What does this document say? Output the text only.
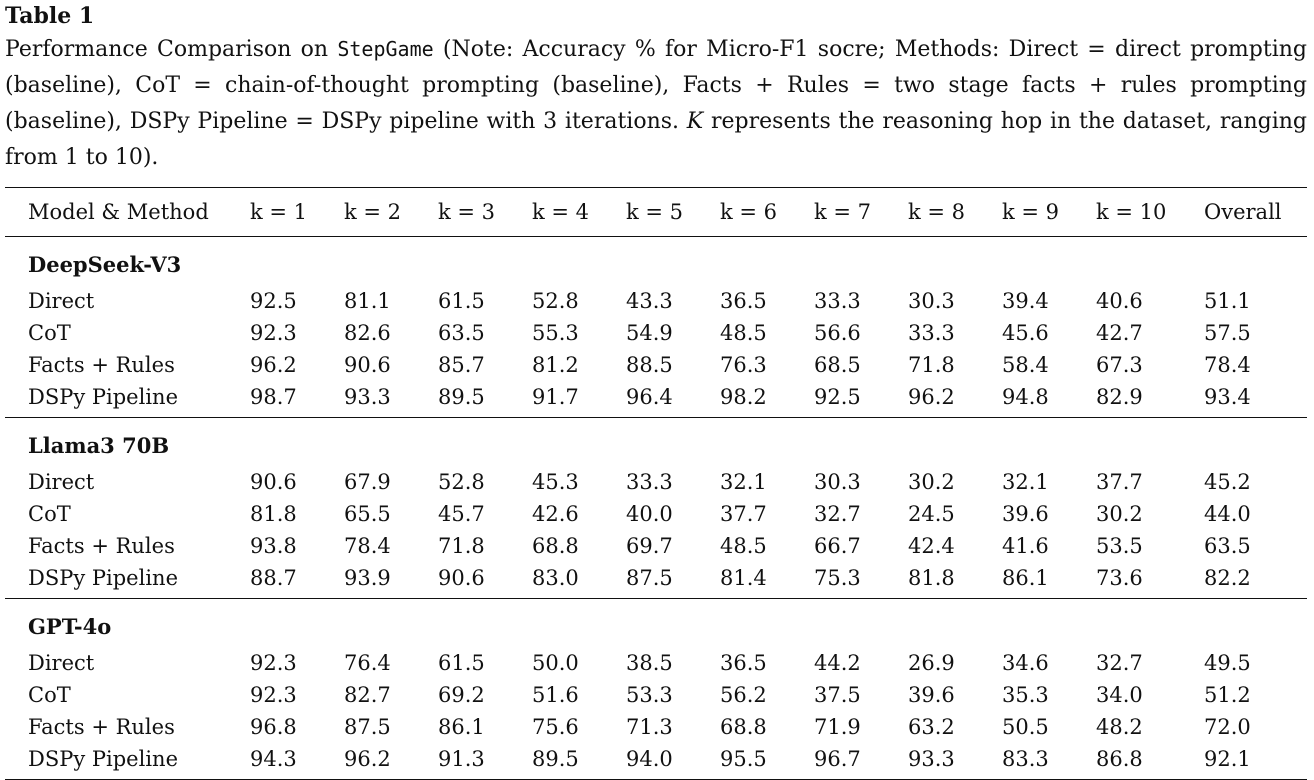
Table 1
Performance Comparison on StepGame (Note: Accuracy % for Micro-F1 socre; Methods: Direct = direct prompting (baseline), CoT = chain-of-thought prompting (baseline), Facts + Rules = two stage facts + rules prompting (baseline), DSPy Pipeline = DSPy pipeline with 3 iterations. K represents the reasoning hop in the dataset, ranging from 1 to 10).
Model & Method	k = 1	k = 2	k = 3	k = 4	k = 5	k = 6	k = 7	k = 8	k = 9	k = 10	Overall
DeepSeek-V3											
Direct	92.5	81.1	61.5	52.8	43.3	36.5	33.3	30.3	39.4	40.6	51.1
CoT	92.3	82.6	63.5	55.3	54.9	48.5	56.6	33.3	45.6	42.7	57.5
Facts + Rules	96.2	90.6	85.7	81.2	88.5	76.3	68.5	71.8	58.4	67.3	78.4
DSPy Pipeline	98.7	93.3	89.5	91.7	96.4	98.2	92.5	96.2	94.8	82.9	93.4
Llama3 70B											
Direct	90.6	67.9	52.8	45.3	33.3	32.1	30.3	30.2	32.1	37.7	45.2
CoT	81.8	65.5	45.7	42.6	40.0	37.7	32.7	24.5	39.6	30.2	44.0
Facts + Rules	93.8	78.4	71.8	68.8	69.7	48.5	66.7	42.4	41.6	53.5	63.5
DSPy Pipeline	88.7	93.9	90.6	83.0	87.5	81.4	75.3	81.8	86.1	73.6	82.2
GPT-4o											
Direct	92.3	76.4	61.5	50.0	38.5	36.5	44.2	26.9	34.6	32.7	49.5
CoT	92.3	82.7	69.2	51.6	53.3	56.2	37.5	39.6	35.3	34.0	51.2
Facts + Rules	96.8	87.5	86.1	75.6	71.3	68.8	71.9	63.2	50.5	48.2	72.0
DSPy Pipeline	94.3	96.2	91.3	89.5	94.0	95.5	96.7	93.3	83.3	86.8	92.1
